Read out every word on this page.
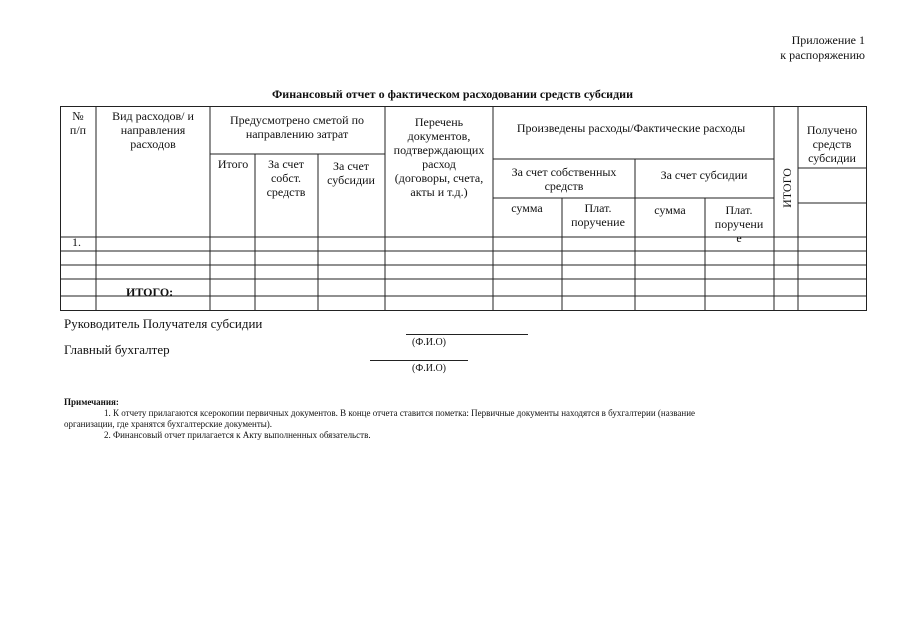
Приложение 1
к распоряжению
Финансовый отчет о фактическом расходовании средств субсидии
№
п/п
Вид расходов/ и
направления
расходов
Предусмотрено сметой по
направлению затрат
Итого За счет
собст.
средств
За счет
субсидии
Перечень
документов,
подтверждающих
расход
(договоры, счета,
акты и т.д.)
Произведены расходы/Фактические расходы
За счет собственных
средств
За счет субсидии
сумма	Плат.
поручение
сумма	Плат.
поручени
е
Получено
средств
субсидии
ИТОГО
1.
ИТОГО:
Руководитель Получателя субсидии
(Ф.И.О)
Главный бухгалтер
(Ф.И.О)
Примечания:
1. К отчету прилагаются ксерокопии первичных документов. В конце отчета ставится пометка: Первичные документы находятся в бухгалтерии (название
организации, где хранятся бухгалтерские документы).
2. Финансовый отчет прилагается к Акту выполненных обязательств.
